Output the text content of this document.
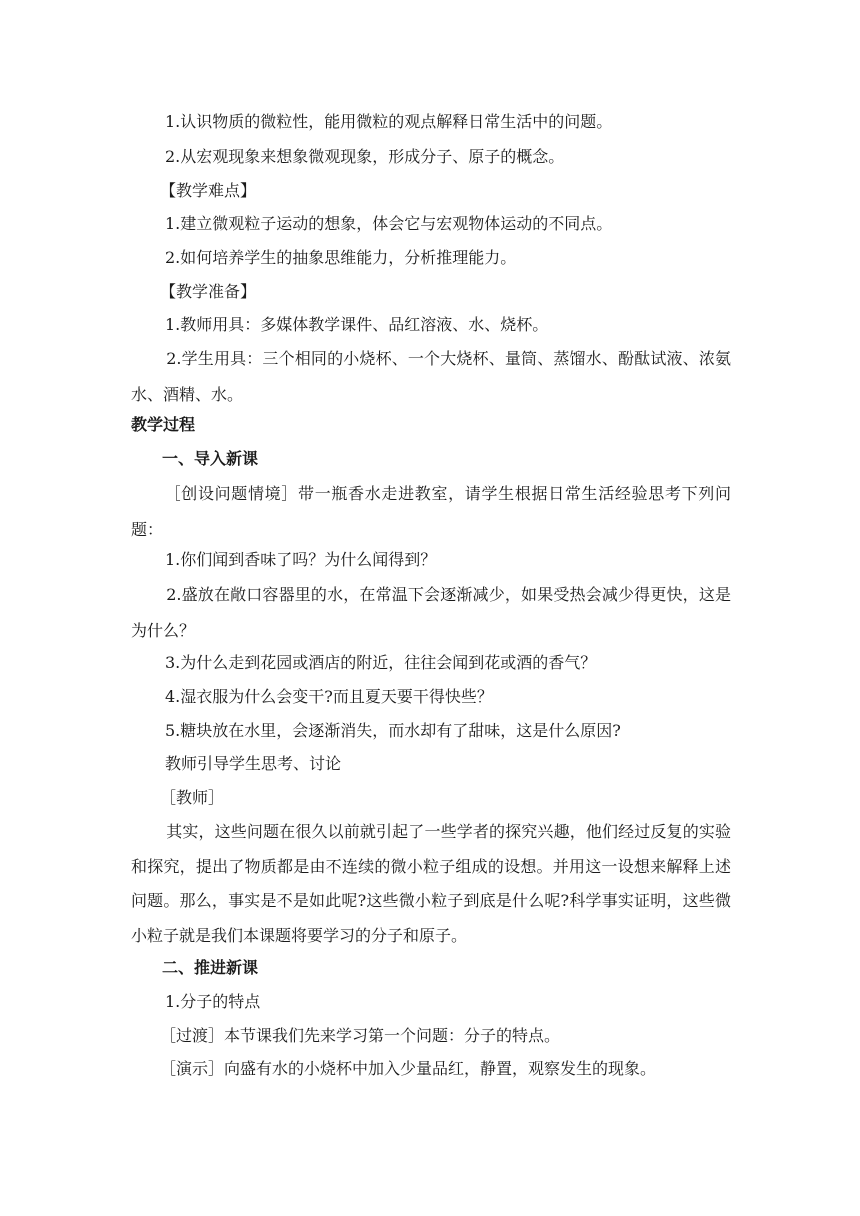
1.认识物质的微粒性，能用微粒的观点解释日常生活中的问题。
2.从宏观现象来想象微观现象，形成分子、原子的概念。
【教学难点】
1.建立微观粒子运动的想象，体会它与宏观物体运动的不同点。
2.如何培养学生的抽象思维能力，分析推理能力。
【教学准备】
1.教师用具：多媒体教学课件、品红溶液、水、烧杯。
2.学生用具：三个相同的小烧杯、一个大烧杯、量筒、蒸馏水、酚酞试液、浓氨水、酒精、水。
教学过程
一、导入新课
［创设问题情境］带一瓶香水走进教室，请学生根据日常生活经验思考下列问题：
1.你们闻到香味了吗？为什么闻得到？
2.盛放在敞口容器里的水，在常温下会逐渐减少，如果受热会减少得更快，这是为什么？
3.为什么走到花园或酒店的附近，往往会闻到花或酒的香气？
4.湿衣服为什么会变干?而且夏天要干得快些？
5.糖块放在水里，会逐渐消失，而水却有了甜味，这是什么原因?
教师引导学生思考、讨论
［教师］
其实，这些问题在很久以前就引起了一些学者的探究兴趣，他们经过反复的实验和探究，提出了物质都是由不连续的微小粒子组成的设想。并用这一设想来解释上述问题。那么，事实是不是如此呢?这些微小粒子到底是什么呢?科学事实证明，这些微小粒子就是我们本课题将要学习的分子和原子。
二、推进新课
1.分子的特点
［过渡］本节课我们先来学习第一个问题：分子的特点。
［演示］向盛有水的小烧杯中加入少量品红，静置，观察发生的现象。
